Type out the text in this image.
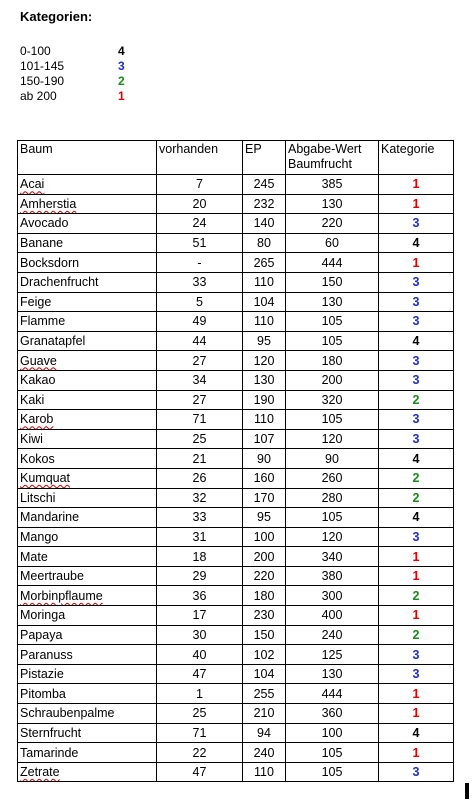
Kategorien:
0-100	4
101-145	3
150-190	2
ab 200	1
Baum	vorhanden	EP	Abgabe-Wert Baumfrucht	Kategorie
Acai	7	245	385	1
Amherstia	20	232	130	1
Avocado	24	140	220	3
Banane	51	80	60	4
Bocksdorn	-	265	444	1
Drachenfrucht	33	110	150	3
Feige	5	104	130	3
Flamme	49	110	105	3
Granatapfel	44	95	105	4
Guave	27	120	180	3
Kakao	34	130	200	3
Kaki	27	190	320	2
Karob	71	110	105	3
Kiwi	25	107	120	3
Kokos	21	90	90	4
Kumquat	26	160	260	2
Litschi	32	170	280	2
Mandarine	33	95	105	4
Mango	31	100	120	3
Mate	18	200	340	1
Meertraube	29	220	380	1
Morbinpflaume	36	180	300	2
Moringa	17	230	400	1
Papaya	30	150	240	2
Paranuss	40	102	125	3
Pistazie	47	104	130	3
Pitomba	1	255	444	1
Schraubenpalme	25	210	360	1
Sternfrucht	71	94	100	4
Tamarinde	22	240	105	1
Zetrate	47	110	105	3
